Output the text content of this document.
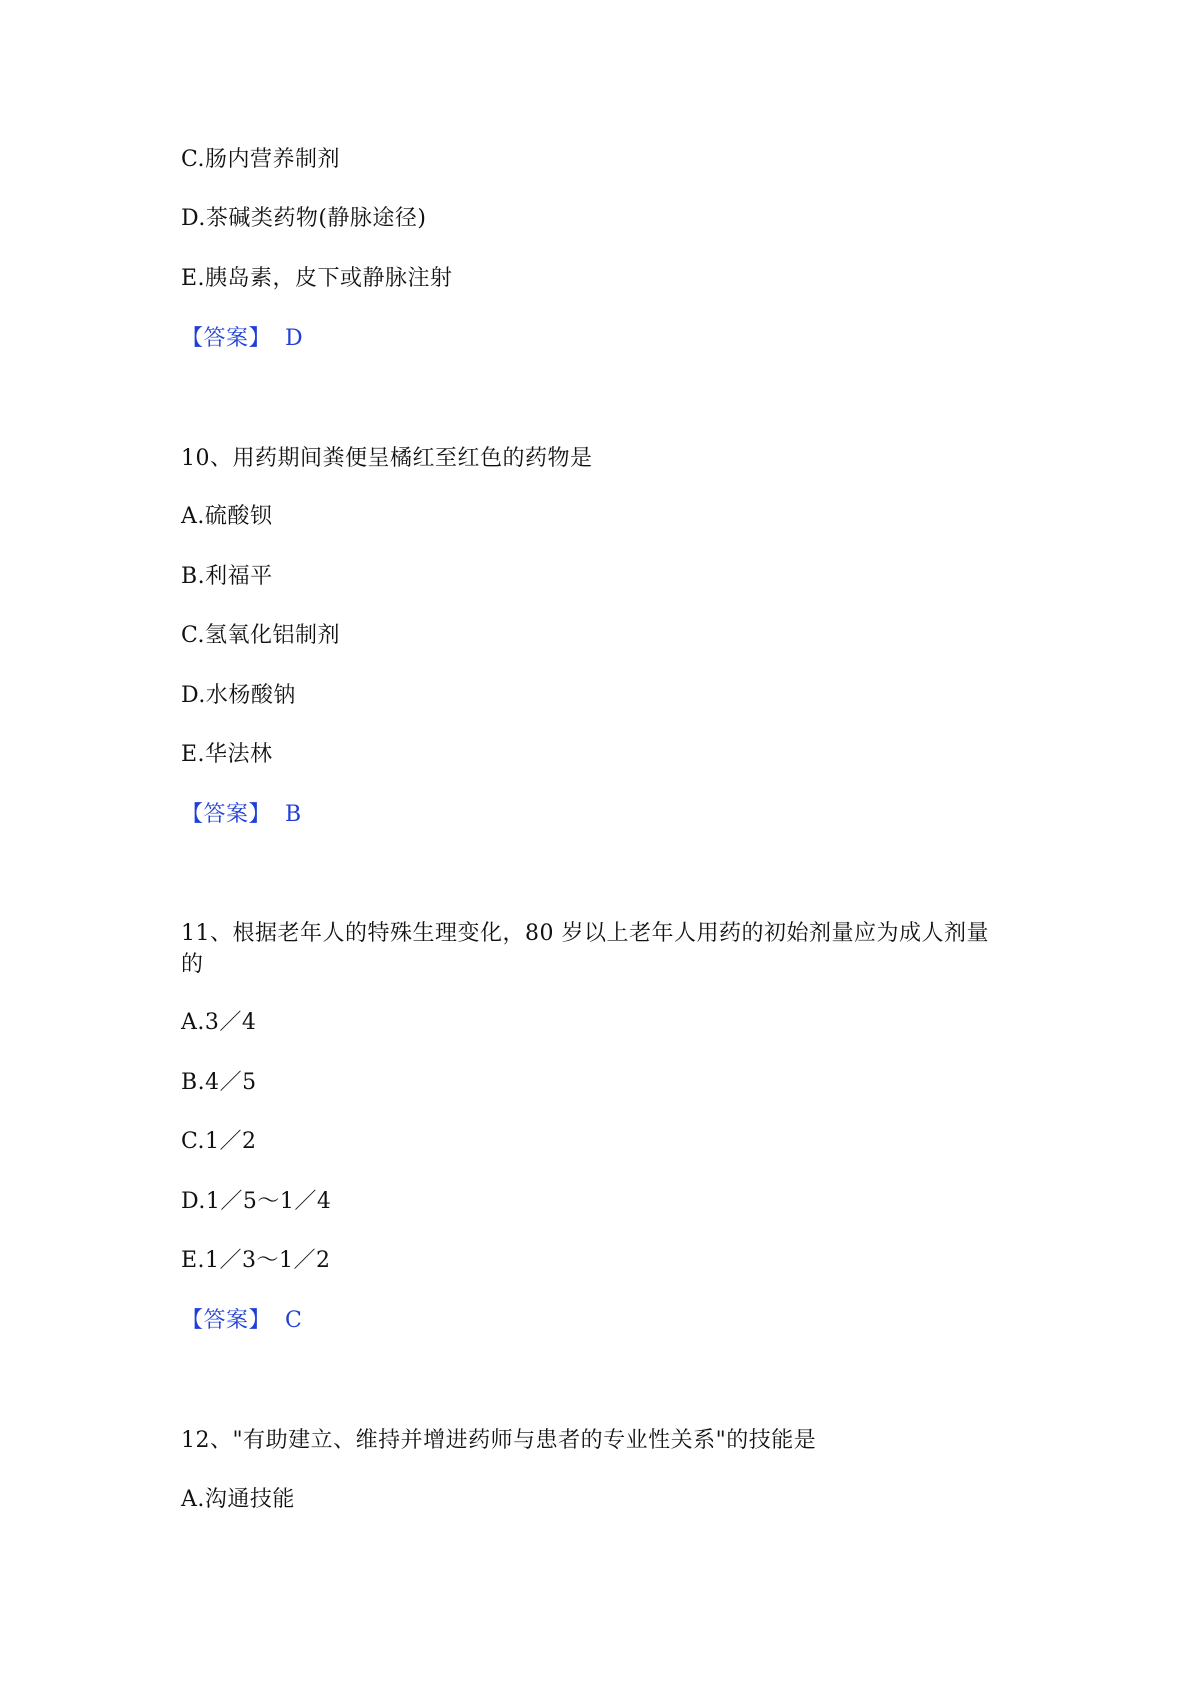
C.肠内营养制剂
D.茶碱类药物(静脉途径)
E.胰岛素，皮下或静脉注射
【答案】 D
10、用药期间粪便呈橘红至红色的药物是
A.硫酸钡
B.利福平
C.氢氧化铝制剂
D.水杨酸钠
E.华法林
【答案】 B
11、根据老年人的特殊生理变化，80 岁以上老年人用药的初始剂量应为成人剂量的
A.3／4
B.4／5
C.1／2
D.1／5～1／4
E.1／3～1／2
【答案】 C
12、"有助建立、维持并增进药师与患者的专业性关系"的技能是
A.沟通技能
